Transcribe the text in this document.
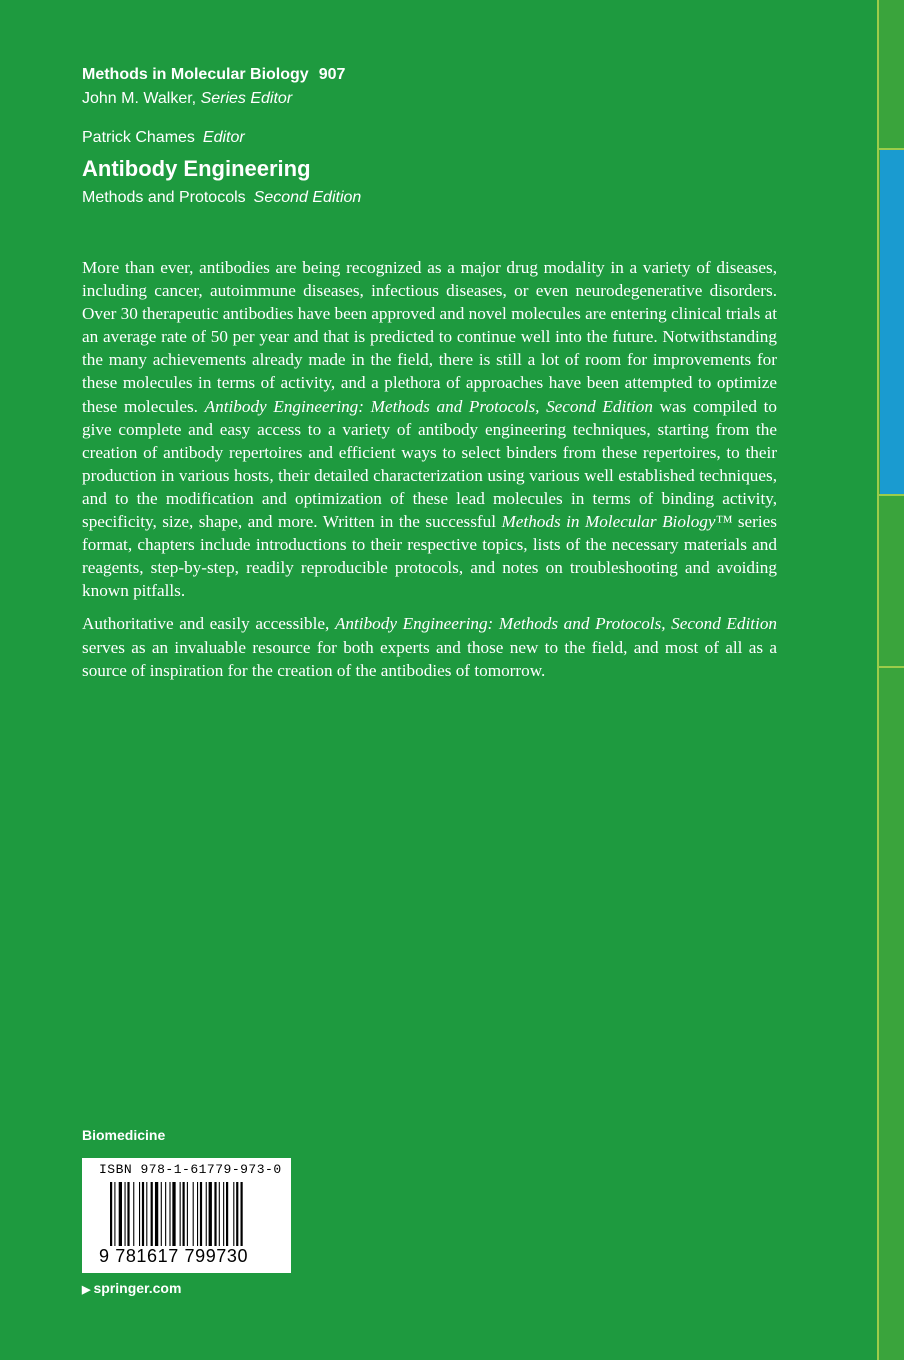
Methods in Molecular Biology 907
John M. Walker, Series Editor
Patrick Chames Editor
Antibody Engineering
Methods and Protocols Second Edition

More than ever, antibodies are being recognized as a major drug modality in a variety of diseases, including cancer, autoimmune diseases, infectious diseases, or even neurodegenerative disorders. Over 30 therapeutic antibodies have been approved and novel molecules are entering clinical trials at an average rate of 50 per year and that is predicted to continue well into the future. Notwithstanding the many achievements already made in the field, there is still a lot of room for improvements for these molecules in terms of activity, and a plethora of approaches have been attempted to optimize these molecules. Antibody Engineering: Methods and Protocols, Second Edition was compiled to give complete and easy access to a variety of antibody engineering techniques, starting from the creation of antibody repertoires and efficient ways to select binders from these repertoires, to their production in various hosts, their detailed characterization using various well established techniques, and to the modification and optimization of these lead molecules in terms of binding activity, specificity, size, shape, and more. Written in the successful Methods in Molecular Biology™ series format, chapters include introductions to their respective topics, lists of the necessary materials and reagents, step-by-step, readily reproducible protocols, and notes on troubleshooting and avoiding known pitfalls.

Authoritative and easily accessible, Antibody Engineering: Methods and Protocols, Second Edition serves as an invaluable resource for both experts and those new to the field, and most of all as a source of inspiration for the creation of the antibodies of tomorrow.

Biomedicine
ISBN 978-1-61779-973-0
9 781617 799730
▶ springer.com
